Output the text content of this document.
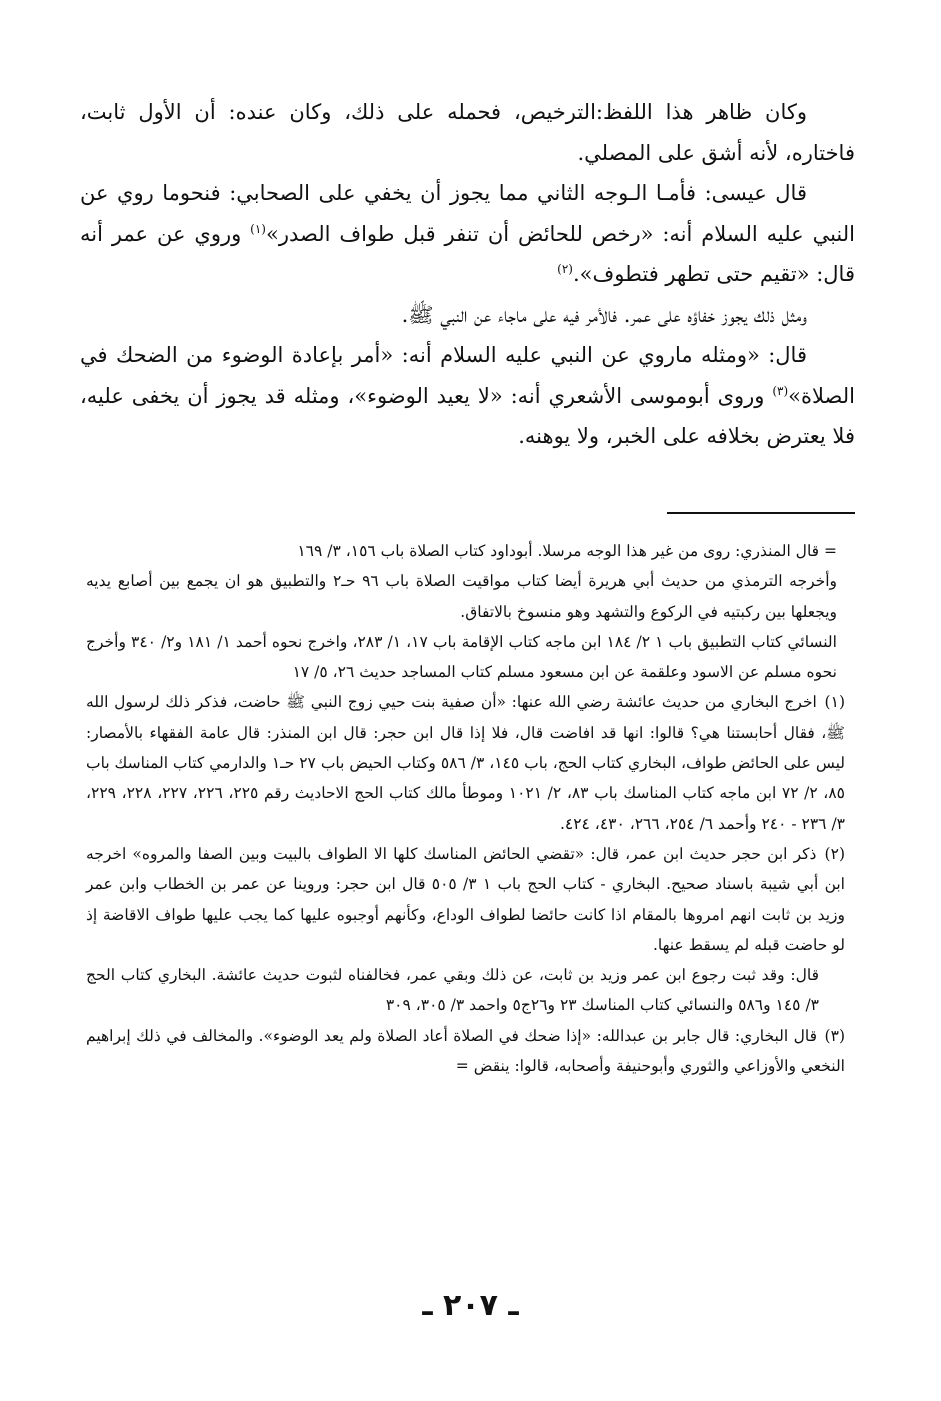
وكان ظاهر هذا اللفظ:الترخيص، فحمله على ذلك، وكان عنده: أن الأول ثابت، فاختاره، لأنه أشق على المصلي.

قال عيسى: فأمـا الـوجه الثاني مما يجوز أن يخفي على الصحابي: فنحوما روي عن النبي عليه السلام أنه: «رخص للحائض أن تنفر قبل طواف الصدر»$^{(١)}$ وروي عن عمر أنه قال: «تقيم حتى تطهر فتطوف».$^{(٢)}$

ومثل ذلك يجوز خفاؤه على عمر. فالأمر فيه على ماجاء عن النبي ﷺ.

قال: «ومثله ماروي عن النبي عليه السلام أنه: «أمر بإعادة الوضوء من الضحك في الصلاة»$^{(٣)}$ وروى أبوموسى الأشعري أنه: «لا يعيد الوضوء»، ومثله قد يجوز أن يخفى عليه، فلا يعترض بخلافه على الخبر، ولا يوهنه.

= قال المنذري: روى من غير هذا الوجه مرسلا. أبوداود كتاب الصلاة باب ١٥٦، ٣/ ١٦٩

وأخرجه الترمذي من حديث أبي هريرة أيضا كتاب مواقيت الصلاة باب ٩٦ حـ٢ والتطبيق هو ان يجمع بين أصابع يديه ويجعلها بين ركبتيه في الركوع والتشهد وهو منسوخ بالاتفاق.

النسائي كتاب التطبيق باب ١ ٢/ ١٨٤ ابن ماجه كتاب الإقامة باب ١٧، ١/ ٢٨٣، واخرج نحوه أحمد ١/ ١٨١ و٢/ ٣٤٠ وأخرج نحوه مسلم عن الاسود وعلقمة عن ابن مسعود مسلم كتاب المساجد حديث ٢٦، ٥/ ١٧

(١) اخرج البخاري من حديث عائشة رضي الله عنها: «أن صفية بنت حيي زوج النبي ﷺ حاضت، فذكر ذلك لرسول الله ﷺ، فقال أحابستنا هي؟ قالوا: انها قد افاضت قال، فلا إذا قال ابن حجر: قال ابن المنذر: قال عامة الفقهاء بالأمصار: ليس على الحائض طواف، البخاري كتاب الحج، باب ١٤٥، ٣/ ٥٨٦ وكتاب الحيض باب ٢٧ حـ١ والدارمي كتاب المناسك باب ٨٥، ٢/ ٧٢ ابن ماجه كتاب المناسك باب ٨٣، ٢/ ١٠٢١ وموطأ مالك كتاب الحج الاحاديث رقم ٢٢٥، ٢٢٦، ٢٢٧، ٢٢٨، ٢٢٩، ٣/ ٢٣٦ - ٢٤٠ وأحمد ٦/ ٢٥٤، ٢٦٦، ٤٣٠، ٤٢٤.

(٢) ذكر ابن حجر حديث ابن عمر، قال: «تقضي الحائض المناسك كلها الا الطواف بالبيت وبين الصفا والمروه» اخرجه ابن أبي شيبة باسناد صحيح. البخاري - كتاب الحج باب ١ ٣/ ٥٠٥ قال ابن حجر: وروينا عن عمر بن الخطاب وابن عمر وزيد بن ثابت انهم امروها بالمقام اذا كانت حائضا لطواف الوداع، وكأنهم أوجبوه عليها كما يجب عليها طواف الاقاضة إذ لو حاضت قبله لم يسقط عنها.

قال: وقد ثبت رجوع ابن عمر وزيد بن ثابت، عن ذلك وبقي عمر، فخالفناه لثبوت حديث عائشة. البخاري كتاب الحج ٣/ ١٤٥ و٥٨٦ والنسائي كتاب المناسك ٢٣ و٢٦ج٥ واحمد ٣/ ٣٠٥، ٣٠٩

(٣) قال البخاري: قال جابر بن عبدالله: «إذا ضحك في الصلاة أعاد الصلاة ولم يعد الوضوء». والمخالف في ذلك إبراهيم النخعي والأوزاعي والثوري وأبوحنيفة وأصحابه، قالوا: ينقض =

ـ ٢٠٧ ـ
